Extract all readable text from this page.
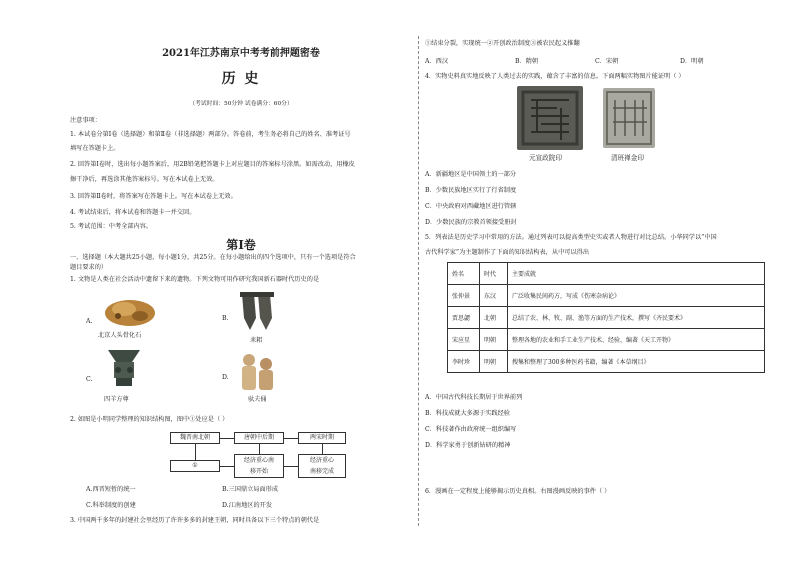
2021年江苏南京中考考前押题密卷
历 史
（考试时间：50分钟 试卷满分：60分）
注意事项：
1. 本试卷分第Ⅰ卷（选择题）和第Ⅱ卷（非选择题）两部分。答卷前，考生务必将自己的姓名、准考证号
填写在答题卡上。
2. 回答第Ⅰ卷时，选出每小题答案后，用2B铅笔把答题卡上对应题目的答案标号涂黑。如需改动，用橡皮
擦干净后，再选涂其他答案标号。写在本试卷上无效。
3. 回答第Ⅱ卷时，将答案写在答题卡上。写在本试卷上无效。
4. 考试结束后，将本试卷和答题卡一并交回。
5. 考试范围：中考全部内容。
第Ⅰ卷
一、选择题（本大题共25小题，每小题1分，共25分。在每小题给出的四个选项中，只有一个选项是符合
题目要求的）
1. 文物是人类在社会活动中遗留下来的遗物。下列文物可用作研究我国新石器时代历史的是
A.
北京人头骨化石
B.
耒耜
C.
四羊方尊
D.
驮夫俑
2. 如图是小明同学整理的知识结构图，图中①处应是（ ）
魏晋南北朝	唐朝中后期	两宋时期
①
经济重心南
移开始
经济重心
南移完成
A.西晋短暂的统一	B.三国鼎立局面形成
C.科举制度的创建	D.江南地区的开发
3. 中国两千多年的封建社会里经历了许许多多的封建王朝，同时具备以下三个特点的朝代是
①结束分裂，实现统一②开创政治制度③被农民起义推翻
A．西汉	B．隋朝	C．宋朝	D．明朝
4．实物史料真实地反映了人类过去的实践，蕴含了丰富的信息。下面两幅实物图片能证明（ ）
元宣政院印	清班禅金印
A．新疆地区是中国领土的一部分
B．少数民族地区实行了行省制度
C．中央政府对西藏地区进行管辖
D．少数民族的宗教首领接受册封
5．列表法是历史学习中常用的方法。通过列表可以提高类型史实或者人物进行对比总结。小华同学以“中国
古代科学家”为主题制作了下面的知识结构表，从中可以得出
姓名	时代	主要成就
张仲景	东汉	广泛收集民间药方，写成《伤寒杂病论》
贾思勰	北朝	总结了农、林、牧、副、渔等方面的生产技术，撰写《齐民要术》
宋应星	明朝	整理各地的农业和手工业生产技术、经验，编著《天工开物》
李时珍	明朝	搜集和整理了300多种医药书籍，编著《本草纲目》
A．中国古代科技长期居于世界前列
B．科技成就大多源于实践经验
C．科技著作由政府统一组织编写
D．科学家勇于创新钻研的精神
6．漫画在一定程度上能够揭示历史真相。右图漫画反映的事件（ ）
